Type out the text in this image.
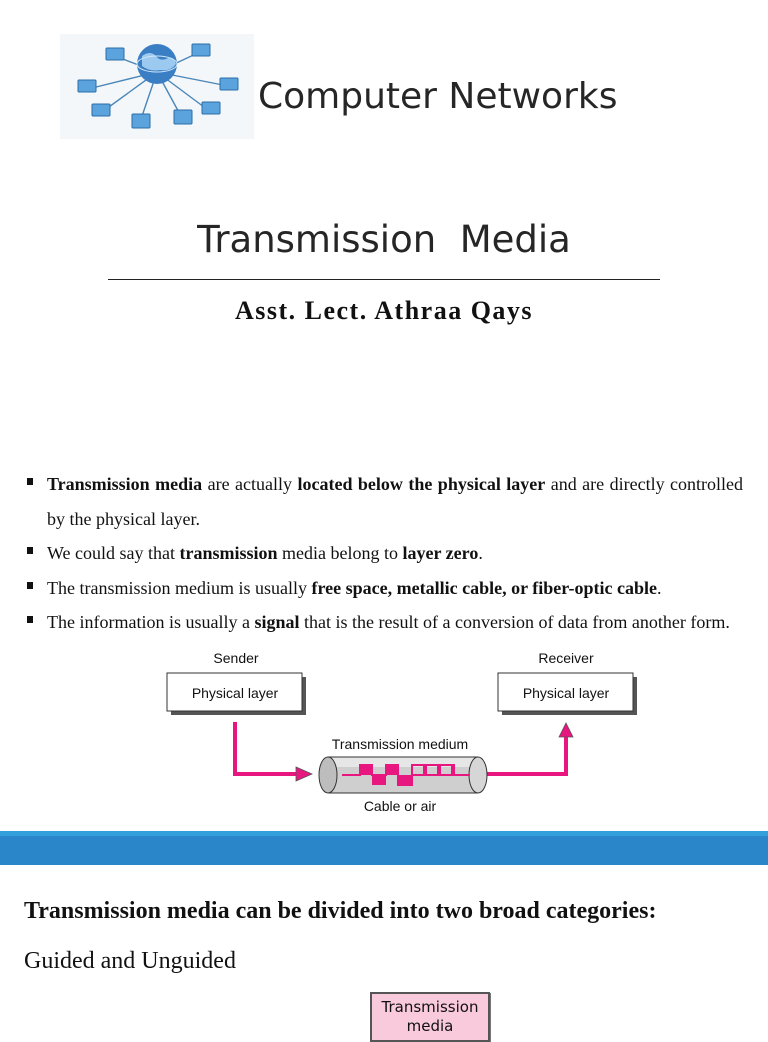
Computer Networks
Transmission  Media
Asst. Lect. Athraa Qays
Transmission media are actually located below the physical layer and are directly controlled by the physical layer.
We could say that transmission media belong to layer zero.
The transmission medium is usually free space, metallic cable, or fiber-optic cable.
The information is usually a signal that is the result of a conversion of data from another form.
Sender	Receiver
Physical layer	Physical layer
Transmission medium
Cable or air
Transmission media can be divided into two broad categories:
Guided and Unguided
Transmission
media
